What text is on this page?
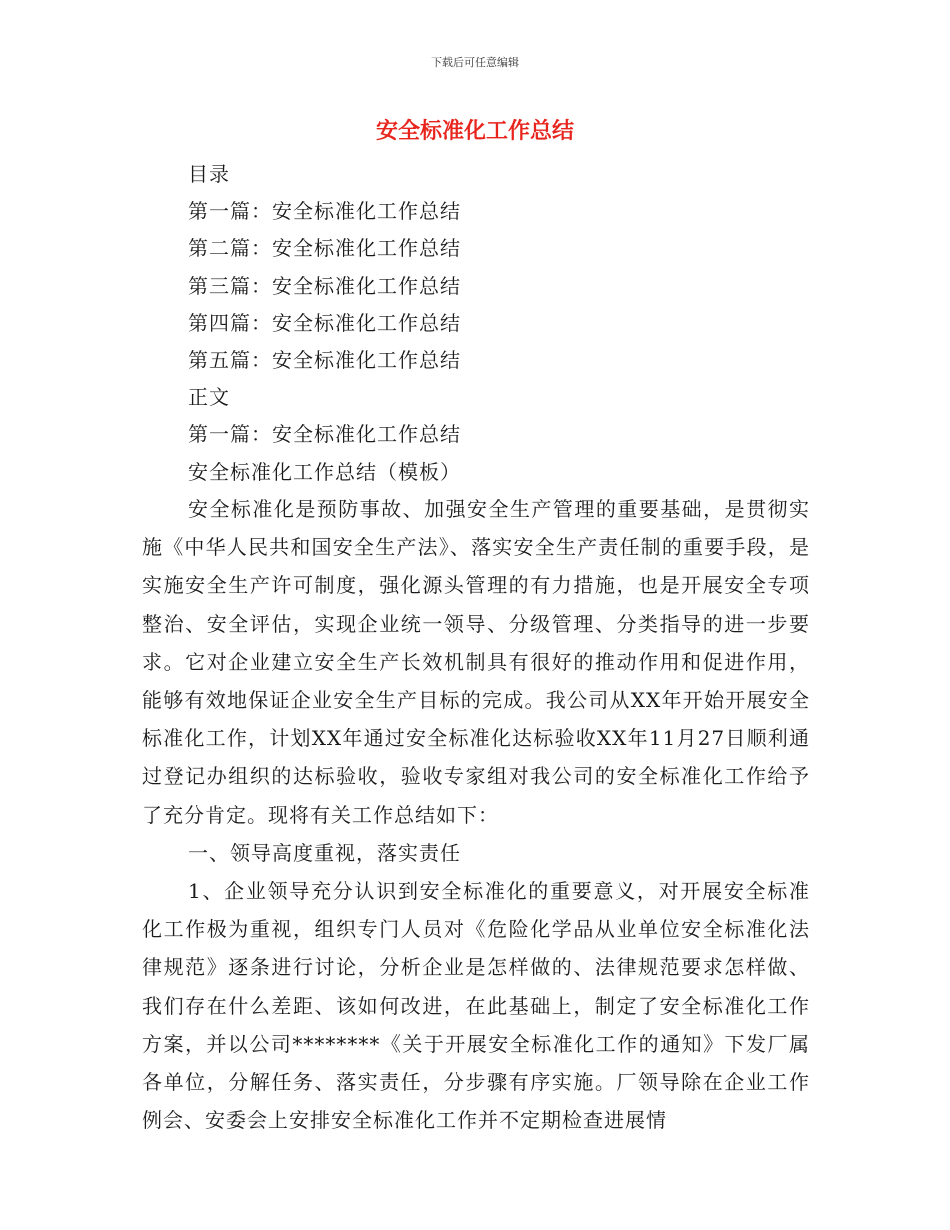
下载后可任意编辑
安全标准化工作总结
目录
第一篇：安全标准化工作总结
第二篇：安全标准化工作总结
第三篇：安全标准化工作总结
第四篇：安全标准化工作总结
第五篇：安全标准化工作总结
正文
第一篇：安全标准化工作总结
安全标准化工作总结（模板）

安全标准化是预防事故、加强安全生产管理的重要基础，是贯彻实施《中华人民共和国安全生产法》、落实安全生产责任制的重要手段，是实施安全生产许可制度，强化源头管理的有力措施，也是开展安全专项整治、安全评估，实现企业统一领导、分级管理、分类指导的进一步要求。它对企业建立安全生产长效机制具有很好的推动作用和促进作用，能够有效地保证企业安全生产目标的完成。我公司从XX年开始开展安全标准化工作，计划XX年通过安全标准化达标验收XX年11月27日顺利通过登记办组织的达标验收，验收专家组对我公司的安全标准化工作给予了充分肯定。现将有关工作总结如下：

一、领导高度重视，落实责任

1、企业领导充分认识到安全标准化的重要意义，对开展安全标准化工作极为重视，组织专门人员对《危险化学品从业单位安全标准化法律规范》逐条进行讨论，分析企业是怎样做的、法律规范要求怎样做、我们存在什么差距、该如何改进，在此基础上，制定了安全标准化工作方案，并以公司********《关于开展安全标准化工作的通知》下发厂属各单位，分解任务、落实责任，分步骤有序实施。厂领导除在企业工作例会、安委会上安排安全标准化工作并不定期检查进展情
